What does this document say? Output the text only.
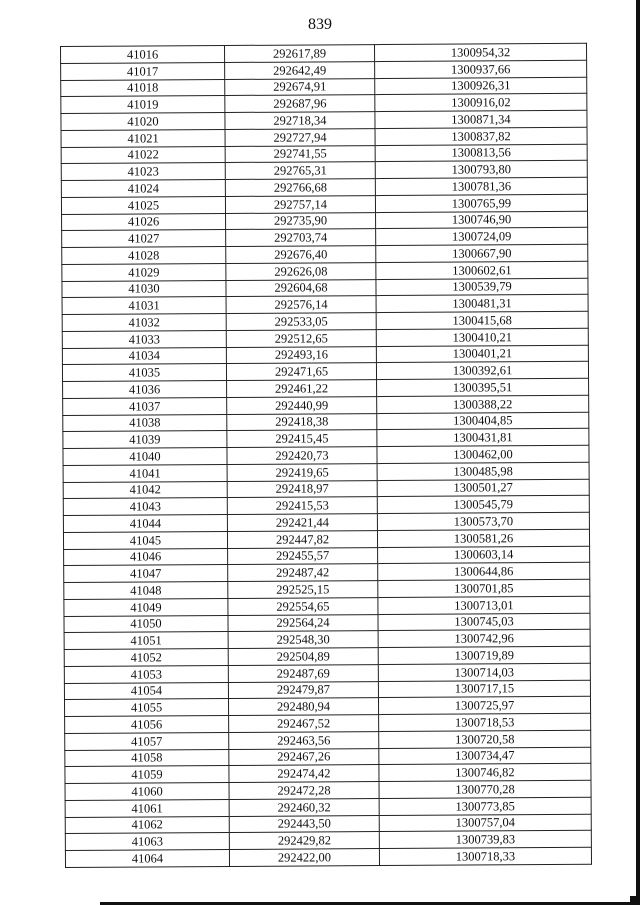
839
41016	292617,89	1300954,32
41017	292642,49	1300937,66
41018	292674,91	1300926,31
41019	292687,96	1300916,02
41020	292718,34	1300871,34
41021	292727,94	1300837,82
41022	292741,55	1300813,56
41023	292765,31	1300793,80
41024	292766,68	1300781,36
41025	292757,14	1300765,99
41026	292735,90	1300746,90
41027	292703,74	1300724,09
41028	292676,40	1300667,90
41029	292626,08	1300602,61
41030	292604,68	1300539,79
41031	292576,14	1300481,31
41032	292533,05	1300415,68
41033	292512,65	1300410,21
41034	292493,16	1300401,21
41035	292471,65	1300392,61
41036	292461,22	1300395,51
41037	292440,99	1300388,22
41038	292418,38	1300404,85
41039	292415,45	1300431,81
41040	292420,73	1300462,00
41041	292419,65	1300485,98
41042	292418,97	1300501,27
41043	292415,53	1300545,79
41044	292421,44	1300573,70
41045	292447,82	1300581,26
41046	292455,57	1300603,14
41047	292487,42	1300644,86
41048	292525,15	1300701,85
41049	292554,65	1300713,01
41050	292564,24	1300745,03
41051	292548,30	1300742,96
41052	292504,89	1300719,89
41053	292487,69	1300714,03
41054	292479,87	1300717,15
41055	292480,94	1300725,97
41056	292467,52	1300718,53
41057	292463,56	1300720,58
41058	292467,26	1300734,47
41059	292474,42	1300746,82
41060	292472,28	1300770,28
41061	292460,32	1300773,85
41062	292443,50	1300757,04
41063	292429,82	1300739,83
41064	292422,00	1300718,33
